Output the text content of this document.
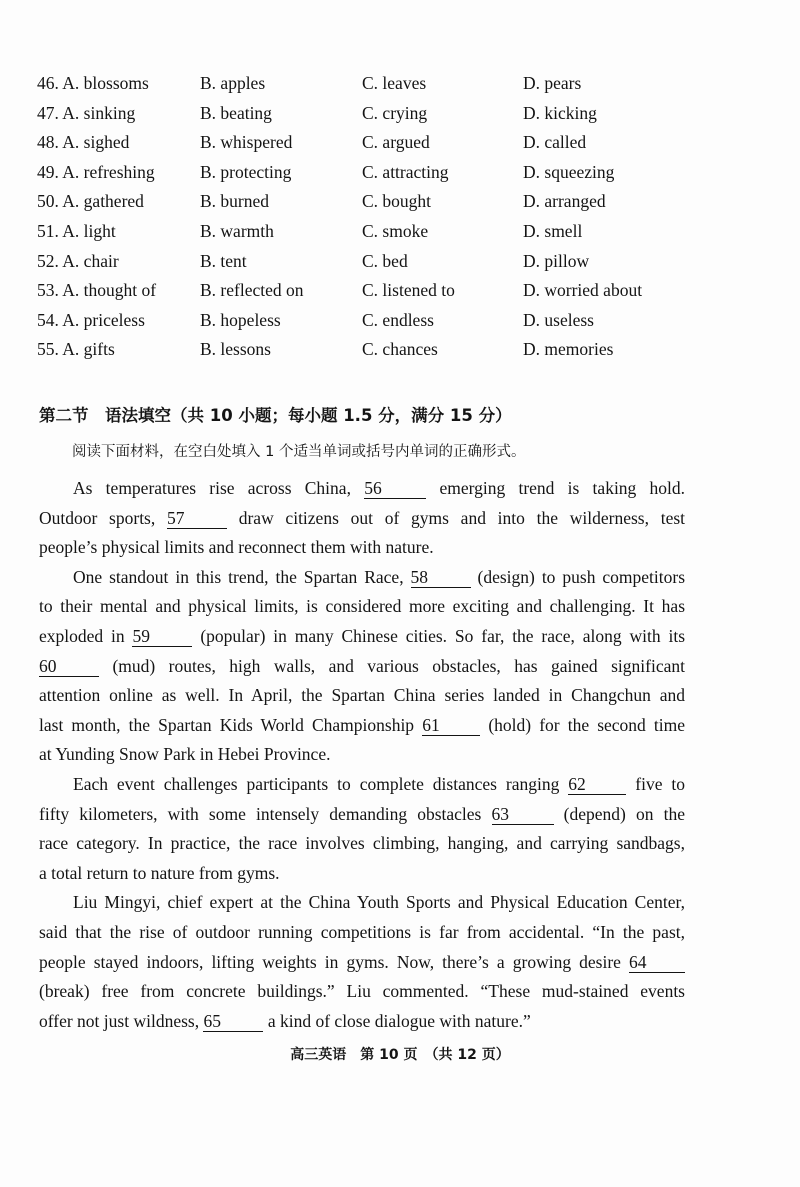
46. A. blossoms	B. apples	C. leaves	D. pears
47. A. sinking	B. beating	C. crying	D. kicking
48. A. sighed	B. whispered	C. argued	D. called
49. A. refreshing	B. protecting	C. attracting	D. squeezing
50. A. gathered	B. burned	C. bought	D. arranged
51. A. light	B. warmth	C. smoke	D. smell
52. A. chair	B. tent	C. bed	D. pillow
53. A. thought of	B. reflected on	C. listened to	D. worried about
54. A. priceless	B. hopeless	C. endless	D. useless
55. A. gifts	B. lessons	C. chances	D. memories
第二节　语法填空（共 10 小题；每小题 1.5 分，满分 15 分）

阅读下面材料，在空白处填入 1 个适当单词或括号内单词的正确形式。

As temperatures rise across China, 56	emerging trend is taking hold.
Outdoor sports, 57	draw citizens out of gyms and into the wilderness, test
people’s physical limits and reconnect them with nature.
One standout in this trend, the Spartan Race, 58	(design) to push competitors
to their mental and physical limits, is considered more exciting and challenging. It has
exploded in 59	(popular) in many Chinese cities. So far, the race, along with its
60	(mud) routes, high walls, and various obstacles, has gained significant
attention online as well. In April, the Spartan China series landed in Changchun and
last month, the Spartan Kids World Championship 61	(hold) for the second time
at Yunding Snow Park in Hebei Province.
Each event challenges participants to complete distances ranging 62	five to
fifty kilometers, with some intensely demanding obstacles 63	(depend) on the
race category. In practice, the race involves climbing, hanging, and carrying sandbags,
a total return to nature from gyms.
Liu Mingyi, chief expert at the China Youth Sports and Physical Education Center,
said that the rise of outdoor running competitions is far from accidental. “In the past,
people stayed indoors, lifting weights in gyms. Now, there’s a growing desire 64
(break) free from concrete buildings.” Liu commented. “These mud-stained events
offer not just wildness, 65	a kind of close dialogue with nature.”

高三英语　第 10 页　（共 12 页）
